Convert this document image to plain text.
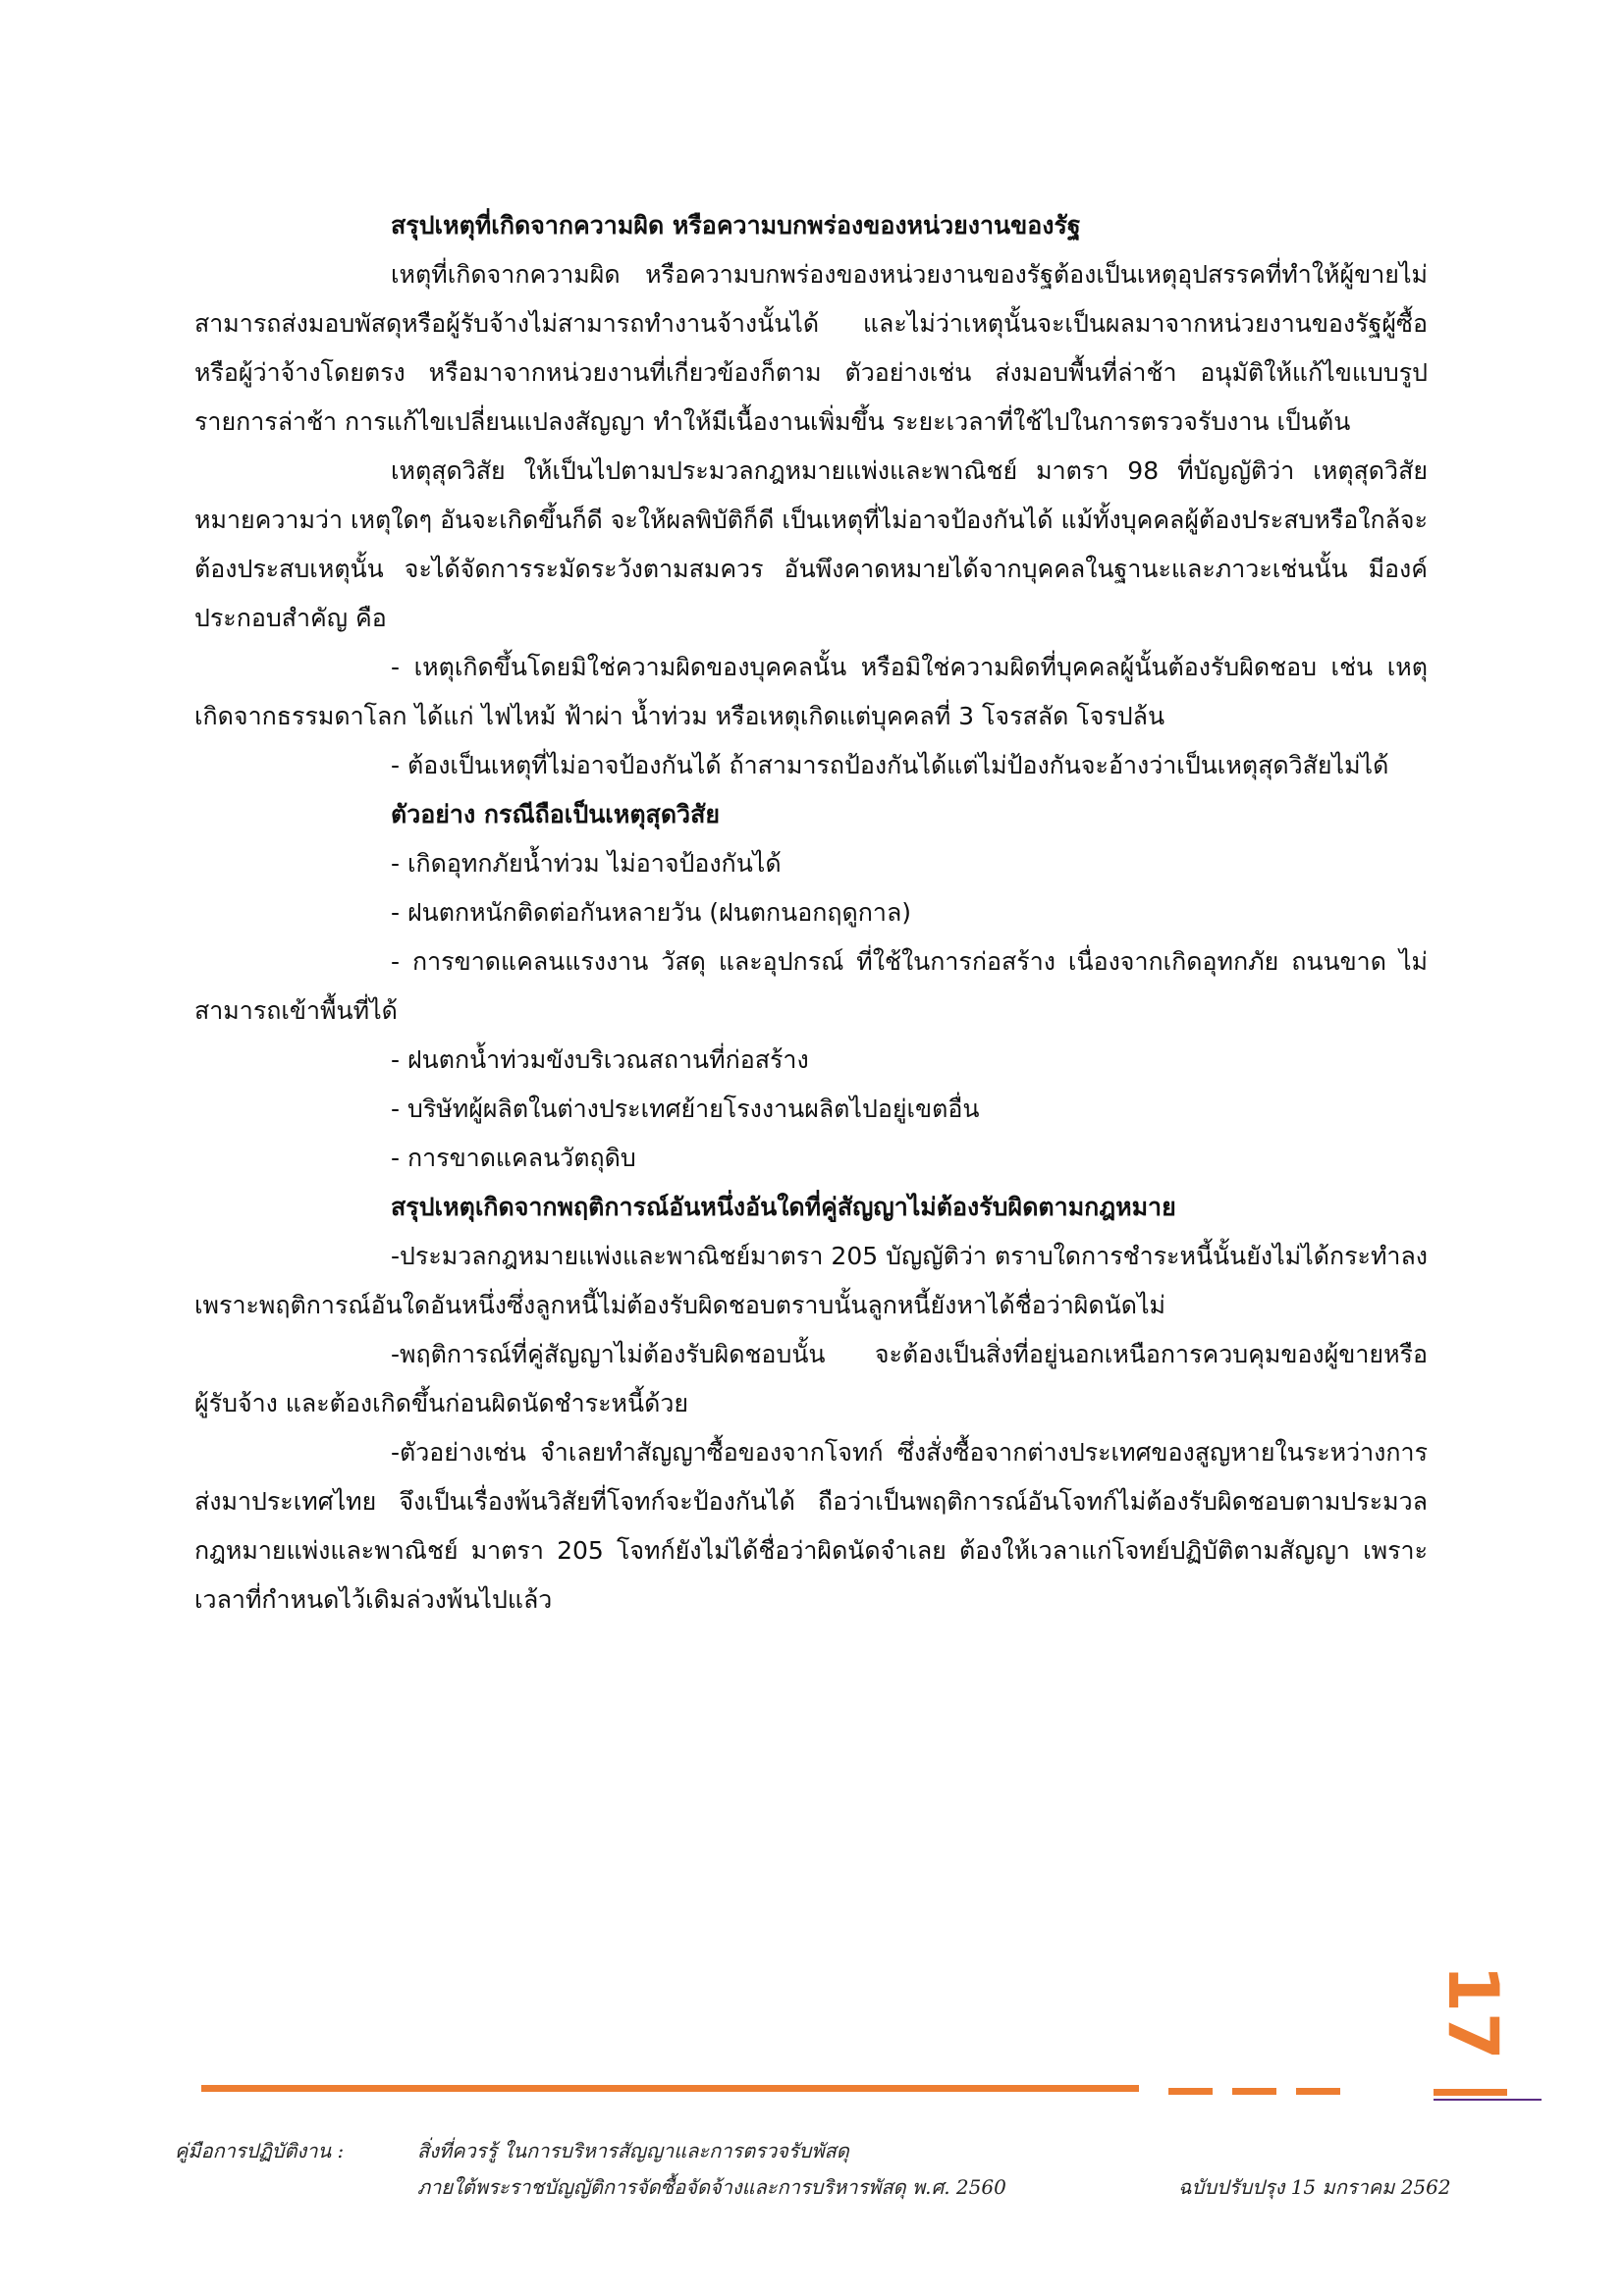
สรุปเหตุที่เกิดจากความผิด หรือความบกพร่องของหน่วยงานของรัฐ

เหตุที่เกิดจากความผิด หรือความบกพร่องของหน่วยงานของรัฐต้องเป็นเหตุอุปสรรคที่ทำให้ผู้ขายไม่สามารถส่งมอบพัสดุหรือผู้รับจ้างไม่สามารถทำงานจ้างนั้นได้ และไม่ว่าเหตุนั้นจะเป็นผลมาจากหน่วยงานของรัฐผู้ซื้อหรือผู้ว่าจ้างโดยตรง หรือมาจากหน่วยงานที่เกี่ยวข้องก็ตาม ตัวอย่างเช่น ส่งมอบพื้นที่ล่าช้า อนุมัติให้แก้ไขแบบรูปรายการล่าช้า การแก้ไขเปลี่ยนแปลงสัญญา ทำให้มีเนื้องานเพิ่มขึ้น ระยะเวลาที่ใช้ไปในการตรวจรับงาน เป็นต้น

เหตุสุดวิสัย ให้เป็นไปตามประมวลกฎหมายแพ่งและพาณิชย์ มาตรา 98 ที่บัญญัติว่า เหตุสุดวิสัย หมายความว่า เหตุใดๆ อันจะเกิดขึ้นก็ดี จะให้ผลพิบัติก็ดี เป็นเหตุที่ไม่อาจป้องกันได้ แม้ทั้งบุคคลผู้ต้องประสบหรือใกล้จะต้องประสบเหตุนั้น จะได้จัดการระมัดระวังตามสมควร อันพึงคาดหมายได้จากบุคคลในฐานะและภาวะเช่นนั้น มีองค์ประกอบสำคัญ คือ

- เหตุเกิดขึ้นโดยมิใช่ความผิดของบุคคลนั้น หรือมิใช่ความผิดที่บุคคลผู้นั้นต้องรับผิดชอบ เช่น เหตุเกิดจากธรรมดาโลก ได้แก่ ไฟไหม้ ฟ้าผ่า น้ำท่วม หรือเหตุเกิดแต่บุคคลที่ 3 โจรสลัด โจรปล้น

- ต้องเป็นเหตุที่ไม่อาจป้องกันได้ ถ้าสามารถป้องกันได้แต่ไม่ป้องกันจะอ้างว่าเป็นเหตุสุดวิสัยไม่ได้

ตัวอย่าง กรณีถือเป็นเหตุสุดวิสัย

- เกิดอุทกภัยน้ำท่วม ไม่อาจป้องกันได้

- ฝนตกหนักติดต่อกันหลายวัน (ฝนตกนอกฤดูกาล)

- การขาดแคลนแรงงาน วัสดุ และอุปกรณ์ ที่ใช้ในการก่อสร้าง เนื่องจากเกิดอุทกภัย ถนนขาด ไม่สามารถเข้าพื้นที่ได้

- ฝนตกน้ำท่วมขังบริเวณสถานที่ก่อสร้าง

- บริษัทผู้ผลิตในต่างประเทศย้ายโรงงานผลิตไปอยู่เขตอื่น

- การขาดแคลนวัตถุดิบ

สรุปเหตุเกิดจากพฤติการณ์อันหนึ่งอันใดที่คู่สัญญาไม่ต้องรับผิดตามกฎหมาย

-ประมวลกฎหมายแพ่งและพาณิชย์มาตรา 205 บัญญัติว่า ตราบใดการชำระหนี้นั้นยังไม่ได้กระทำลงเพราะพฤติการณ์อันใดอันหนึ่งซึ่งลูกหนี้ไม่ต้องรับผิดชอบตราบนั้นลูกหนี้ยังหาได้ชื่อว่าผิดนัดไม่

-พฤติการณ์ที่คู่สัญญาไม่ต้องรับผิดชอบนั้น จะต้องเป็นสิ่งที่อยู่นอกเหนือการควบคุมของผู้ขายหรือผู้รับจ้าง และต้องเกิดขึ้นก่อนผิดนัดชำระหนี้ด้วย

-ตัวอย่างเช่น จำเลยทำสัญญาซื้อของจากโจทก์ ซึ่งสั่งซื้อจากต่างประเทศของสูญหายในระหว่างการส่งมาประเทศไทย จึงเป็นเรื่องพ้นวิสัยที่โจทก์จะป้องกันได้ ถือว่าเป็นพฤติการณ์อันโจทก์ไม่ต้องรับผิดชอบตามประมวลกฎหมายแพ่งและพาณิชย์ มาตรา 205 โจทก์ยังไม่ได้ชื่อว่าผิดนัดจำเลย ต้องให้เวลาแก่โจทย์ปฏิบัติตามสัญญา เพราะเวลาที่กำหนดไว้เดิมล่วงพ้นไปแล้ว

17
คู่มือการปฏิบัติงาน :	สิ่งที่ควรรู้ ในการบริหารสัญญาและการตรวจรับพัสดุ
ภายใต้พระราชบัญญัติการจัดซื้อจัดจ้างและการบริหารพัสดุ พ.ศ. 2560	ฉบับปรับปรุง 15 มกราคม 2562
